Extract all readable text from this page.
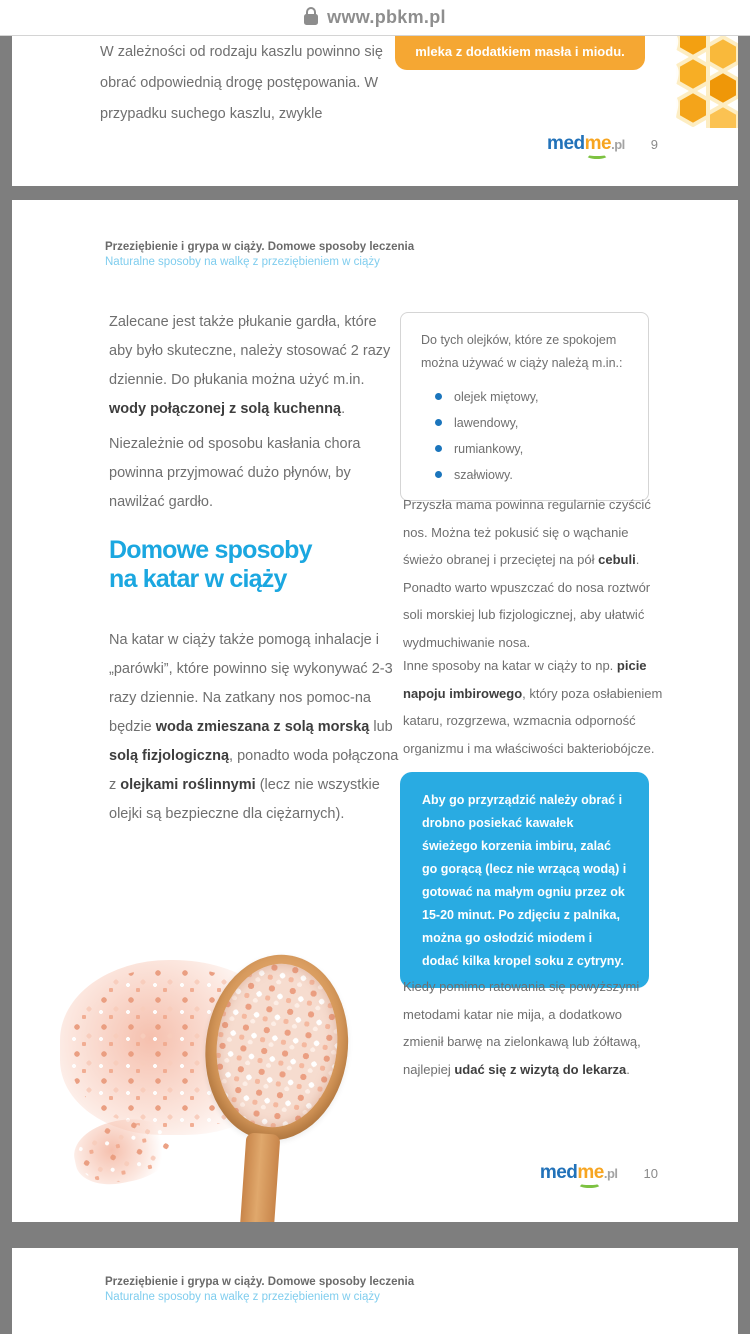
www.pbkm.pl

W zależności od rodzaju kaszlu powinno się obrać odpowiednią drogę postępowania. W przypadku suchego kaszlu, zwykle

mleka z dodatkiem masła i miodu.
medme
.pl 9
Przeziębienie i grypa w ciąży. Domowe sposoby leczenia
Naturalne sposoby na walkę z przeziębieniem w ciąży

Zalecane jest także płukanie gardła, które aby było skuteczne, należy stosować 2 razy dziennie. Do płukania można użyć m.in. wody połączonej z solą kuchenną.

Niezależnie od sposobu kasłania chora powinna przyjmować dużo płynów, by nawilżać gardło.

Domowe sposoby
na katar w ciąży

Na katar w ciąży także pomogą inhalacje i „parówki”, które powinno się wykonywać 2-3 razy dziennie. Na zatkany nos pomoc-na będzie woda zmieszana z solą morską lub solą fizjologiczną, ponadto woda połączona z olejkami roślinnymi (lecz nie wszystkie olejki są bezpieczne dla ciężarnych).

Do tych olejków, które ze spokojem można używać w ciąży należą m.in.:
olejek miętowy,
lawendowy,
rumiankowy,
szałwiowy.

Przyszła mama powinna regularnie czyścić nos. Można też pokusić się o wąchanie świeżo obranej i przeciętej na pół cebuli. Ponadto warto wpuszczać do nosa roztwór soli morskiej lub fizjologicznej, aby ułatwić wydmuchiwanie nosa.

Inne sposoby na katar w ciąży to np. picie napoju imbirowego, który poza osłabieniem kataru, rozgrzewa, wzmacnia odporność organizmu i ma właściwości bakteriobójcze.

Aby go przyrządzić należy obrać i drobno posiekać kawałek świeżego korzenia imbiru, zalać go gorącą (lecz nie wrzącą wodą) i gotować na małym ogniu przez ok 15-20 minut. Po zdjęciu z palnika, można go osłodzić miodem i dodać kilka kropel soku z cytryny.

Kiedy pomimo ratowania się powyższymi metodami katar nie mija, a dodatkowo zmienił barwę na zielonkawą lub żółtawą, najlepiej udać się z wizytą do lekarza.

medme
.pl 10
Przeziębienie i grypa w ciąży. Domowe sposoby leczenia
Naturalne sposoby na walkę z przeziębieniem w ciąży
